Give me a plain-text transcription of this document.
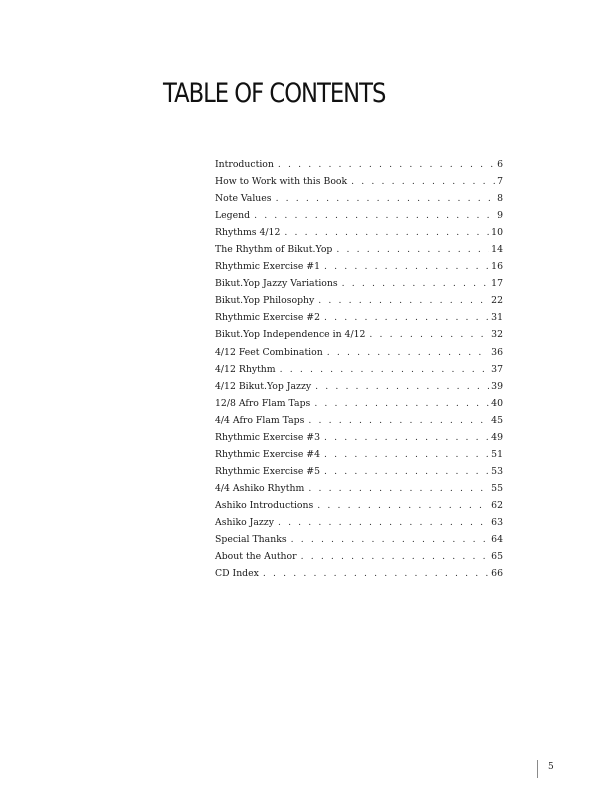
TABLE OF CONTENTS
Introduction . . .	6
How to Work with this Book . . .	7
Note Values . . .	8
Legend . . .	9
Rhythms 4/12 . . .	10
The Rhythm of Bikut.Yop . . .	14
Rhythmic Exercise #1 . . .	16
Bikut.Yop Jazzy Variations . . .	17
Bikut.Yop Philosophy . . .	22
Rhythmic Exercise #2 . . .	31
Bikut.Yop Independence in 4/12 . . .	32
4/12 Feet Combination . . .	36
4/12 Rhythm . . .	37
4/12 Bikut.Yop Jazzy . . .	39
12/8 Afro Flam Taps . . .	40
4/4 Afro Flam Taps . . .	45
Rhythmic Exercise #3 . . .	49
Rhythmic Exercise #4 . . .	51
Rhythmic Exercise #5 . . .	53
4/4 Ashiko Rhythm . . .	55
Ashiko Introductions . . .	62
Ashiko Jazzy . . .	63
Special Thanks . . .	64
About the Author . . .	65
CD Index . . .	66
5
